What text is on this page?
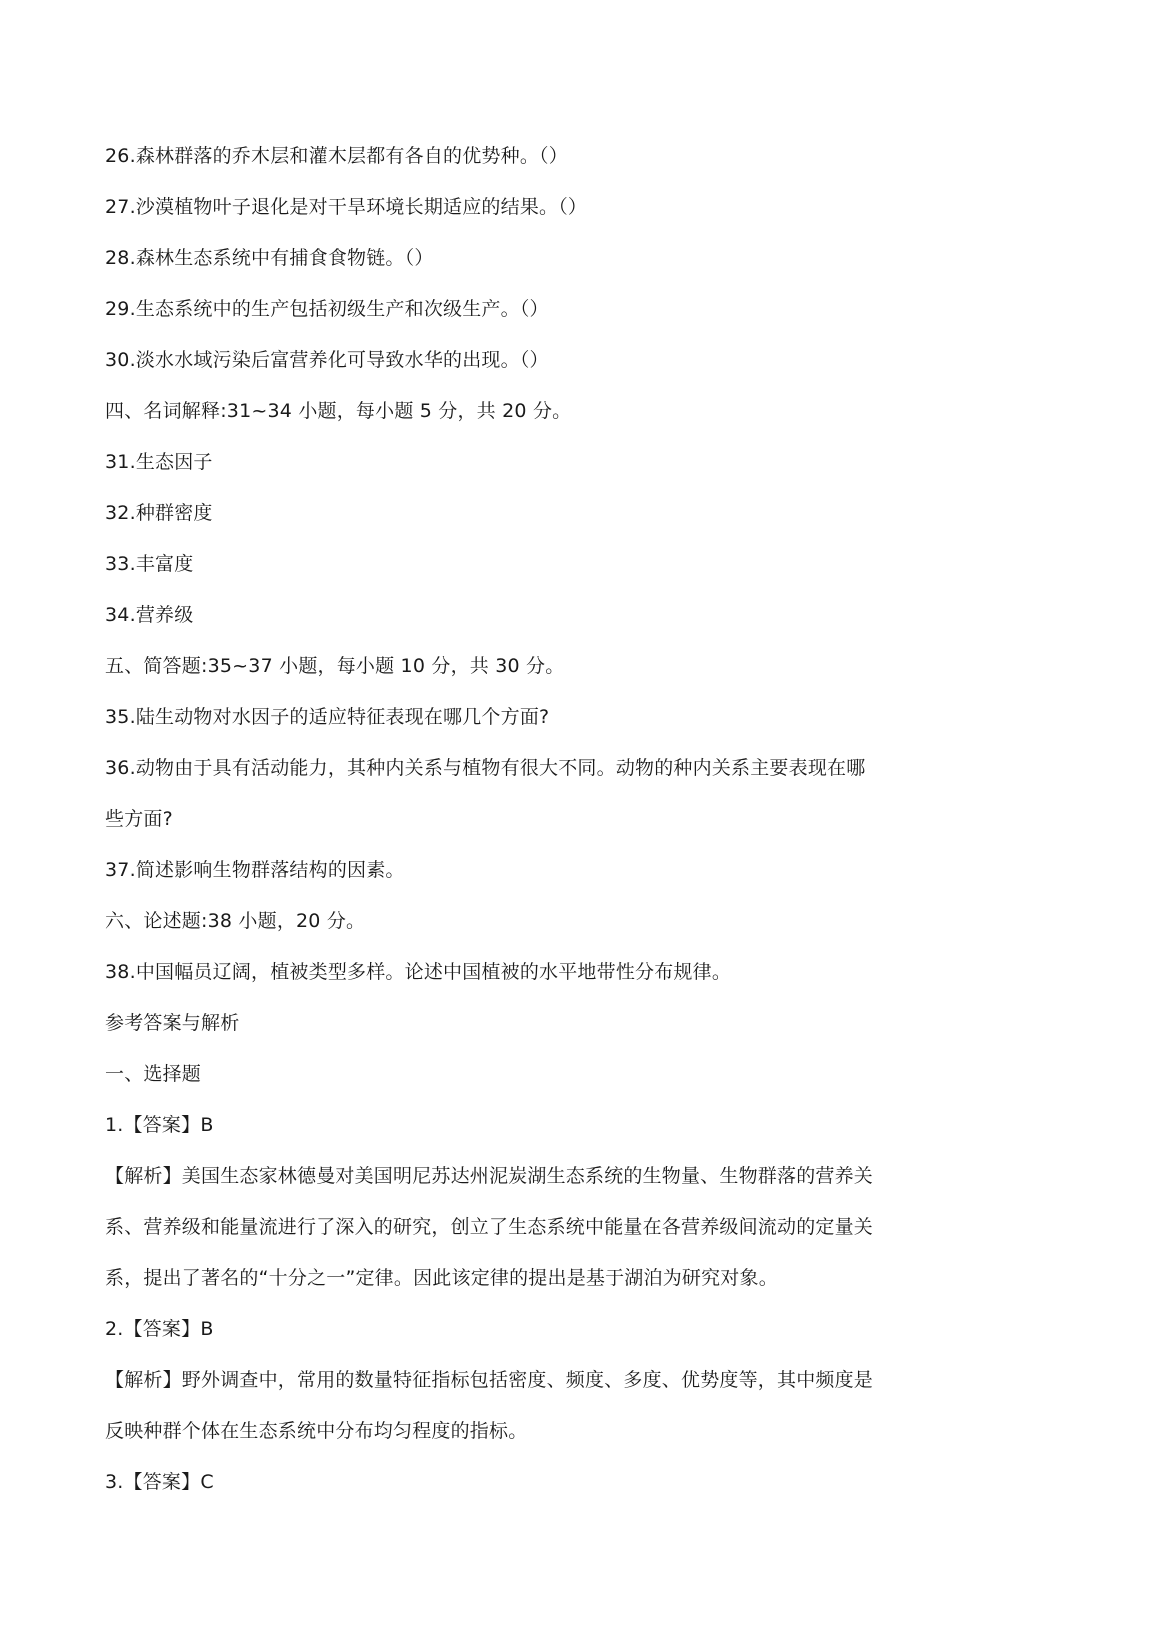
26.森林群落的乔木层和灌木层都有各自的优势种。（）
27.沙漠植物叶子退化是对干旱环境长期适应的结果。（）
28.森林生态系统中有捕食食物链。（）
29.生态系统中的生产包括初级生产和次级生产。（）
30.淡水水域污染后富营养化可导致水华的出现。（）
四、名词解释:31~34 小题，每小题 5 分，共 20 分。
31.生态因子
32.种群密度
33.丰富度
34.营养级
五、简答题:35~37 小题，每小题 10 分，共 30 分。
35.陆生动物对水因子的适应特征表现在哪几个方面?
36.动物由于具有活动能力，其种内关系与植物有很大不同。动物的种内关系主要表现在哪
些方面?
37.简述影响生物群落结构的因素。
六、论述题:38 小题，20 分。
38.中国幅员辽阔，植被类型多样。论述中国植被的水平地带性分布规律。
参考答案与解析
一、选择题
1.【答案】B
【解析】美国生态家林德曼对美国明尼苏达州泥炭湖生态系统的生物量、生物群落的营养关
系、营养级和能量流进行了深入的研究，创立了生态系统中能量在各营养级间流动的定量关
系，提出了著名的“十分之一”定律。因此该定律的提出是基于湖泊为研究对象。
2.【答案】B
【解析】野外调查中，常用的数量特征指标包括密度、频度、多度、优势度等，其中频度是
反映种群个体在生态系统中分布均匀程度的指标。
3.【答案】C
